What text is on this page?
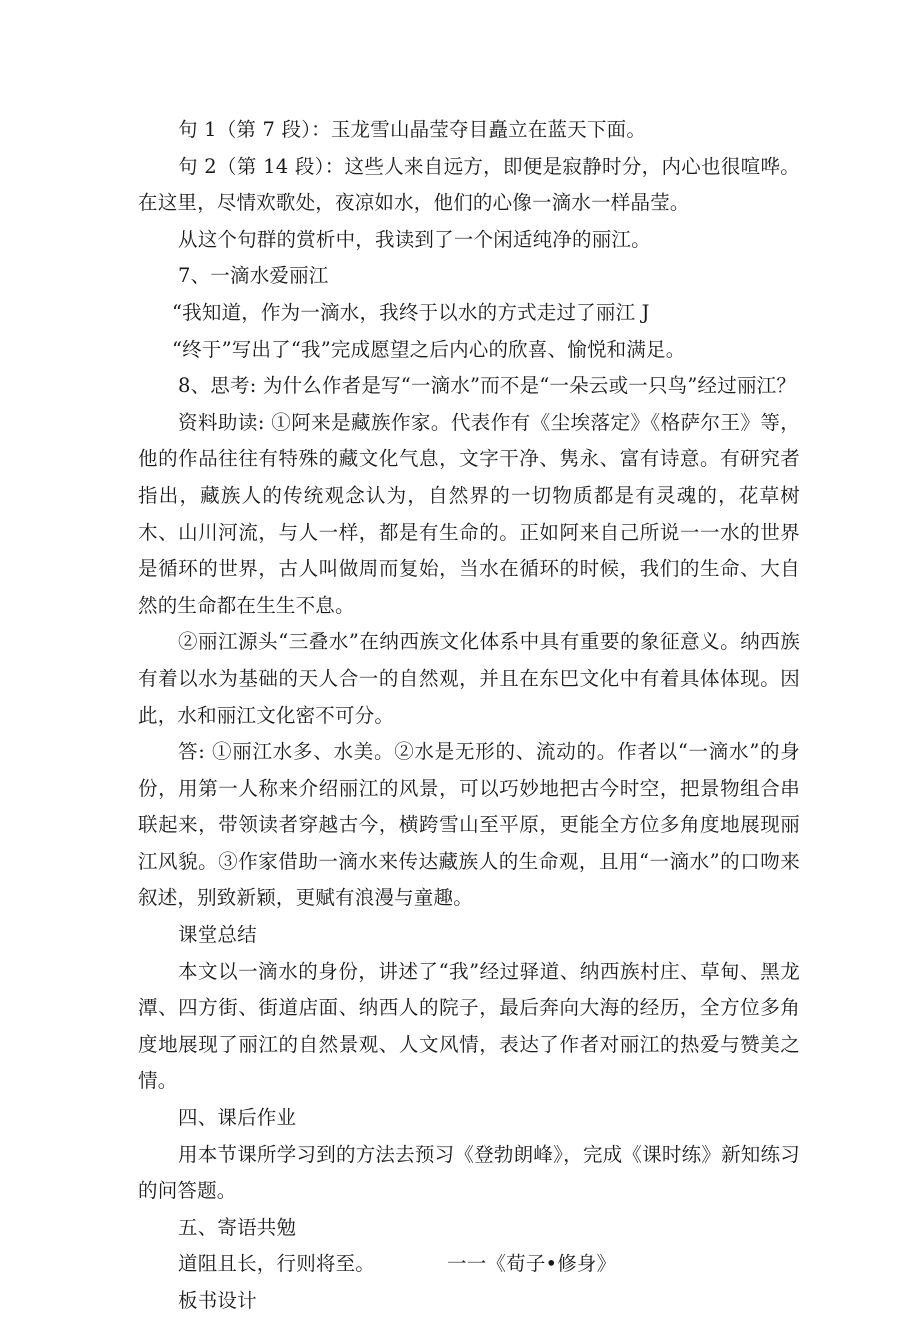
句 1（第 7 段）：玉龙雪山晶莹夺目矗立在蓝天下面。

句 2（第 14 段）：这些人来自远方，即便是寂静时分，内心也很喧哗。在这里，尽情欢歌处，夜凉如水，他们的心像一滴水一样晶莹。

从这个句群的赏析中，我读到了一个闲适纯净的丽江。

7、一滴水爱丽江

“我知道，作为一滴水，我终于以水的方式走过了丽江 J

“终于”写出了“我”完成愿望之后内心的欣喜、愉悦和满足。

8、思考: 为什么作者是写“一滴水”而不是“一朵云或一只鸟”经过丽江？

资料助读: ①阿来是藏族作家。代表作有《尘埃落定》《格萨尔王》等，他的作品往往有特殊的藏文化气息，文字干净、隽永、富有诗意。有研究者指出，藏族人的传统观念认为，自然界的一切物质都是有灵魂的，花草树木、山川河流，与人一样，都是有生命的。正如阿来自己所说一一水的世界是循环的世界，古人叫做周而复始，当水在循环的时候，我们的生命、大自然的生命都在生生不息。

②丽江源头“三叠水”在纳西族文化体系中具有重要的象征意义。纳西族有着以水为基础的天人合一的自然观，并且在东巴文化中有着具体体现。因此，水和丽江文化密不可分。

答: ①丽江水多、水美。②水是无形的、流动的。作者以“一滴水”的身份，用第一人称来介绍丽江的风景，可以巧妙地把古今时空，把景物组合串联起来，带领读者穿越古今，横跨雪山至平原，更能全方位多角度地展现丽江风貌。③作家借助一滴水来传达藏族人的生命观，且用“一滴水”的口吻来叙述，别致新颖，更赋有浪漫与童趣。

课堂总结

本文以一滴水的身份，讲述了“我”经过驿道、纳西族村庄、草甸、黑龙潭、四方街、街道店面、纳西人的院子，最后奔向大海的经历，全方位多角度地展现了丽江的自然景观、人文风情，表达了作者对丽江的热爱与赞美之情。

四、课后作业

用本节课所学习到的方法去预习《登勃朗峰》，完成《课时练》新知练习的问答题。

五、寄语共勉

道阻且长，行则将至。	一一《荀子•修身》

板书设计
